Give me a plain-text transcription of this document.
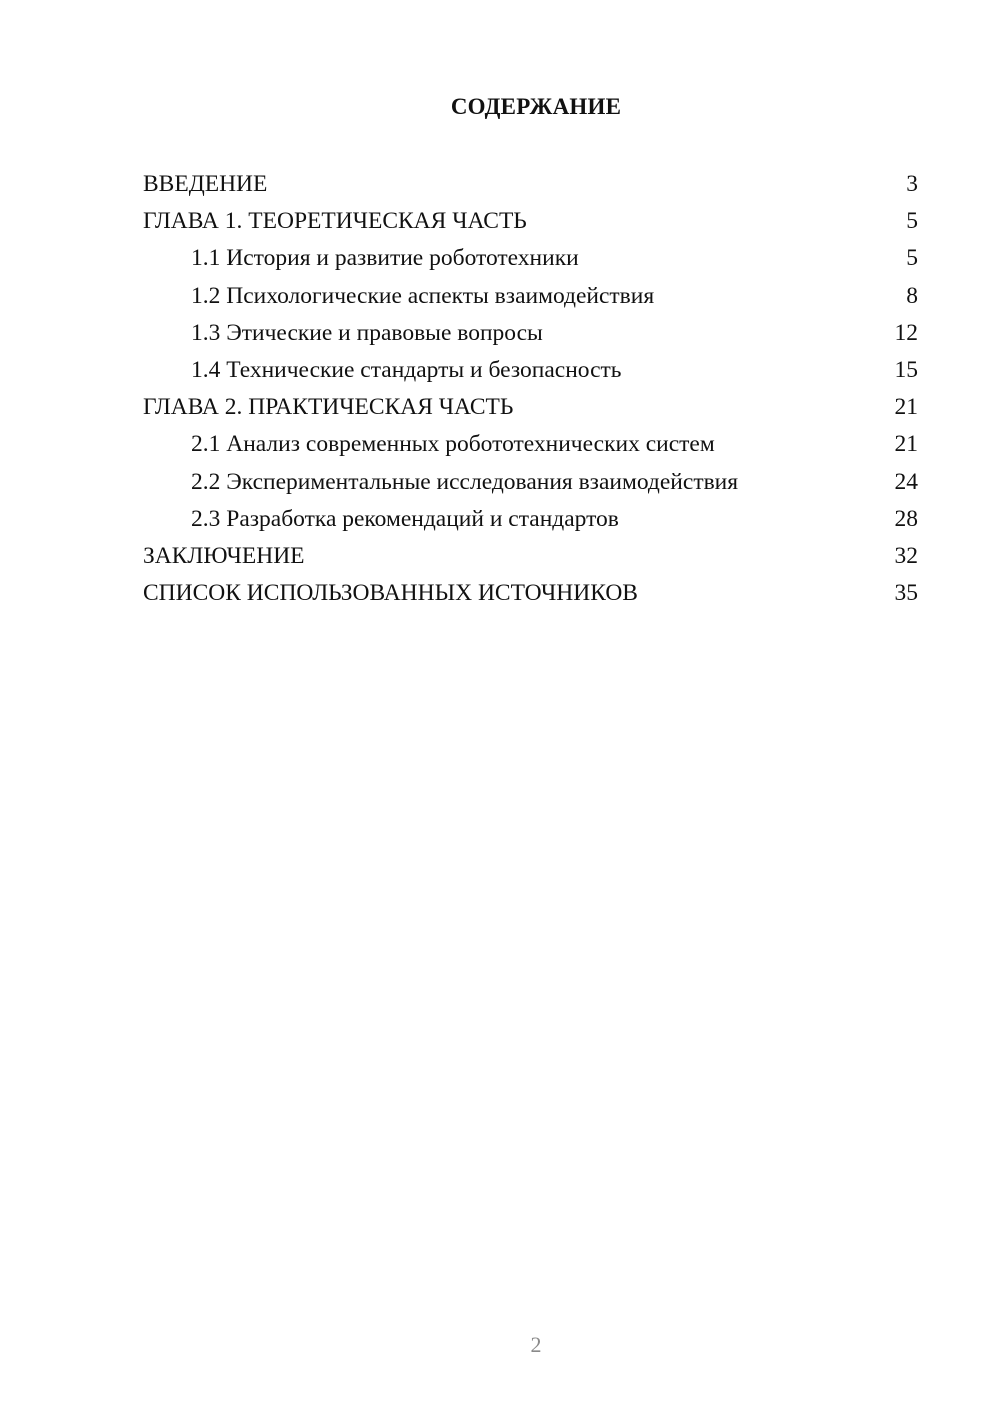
СОДЕРЖАНИЕ
ВВЕДЕНИЕ	3
ГЛАВА 1. ТЕОРЕТИЧЕСКАЯ ЧАСТЬ	5
1.1 История и развитие робототехники	5
1.2 Психологические аспекты взаимодействия	8
1.3 Этические и правовые вопросы	12
1.4 Технические стандарты и безопасность	15
ГЛАВА 2. ПРАКТИЧЕСКАЯ ЧАСТЬ	21
2.1 Анализ современных робототехнических систем	21
2.2 Экспериментальные исследования взаимодействия	24
2.3 Разработка рекомендаций и стандартов	28
ЗАКЛЮЧЕНИЕ	32
СПИСОК ИСПОЛЬЗОВАННЫХ ИСТОЧНИКОВ	35
2
